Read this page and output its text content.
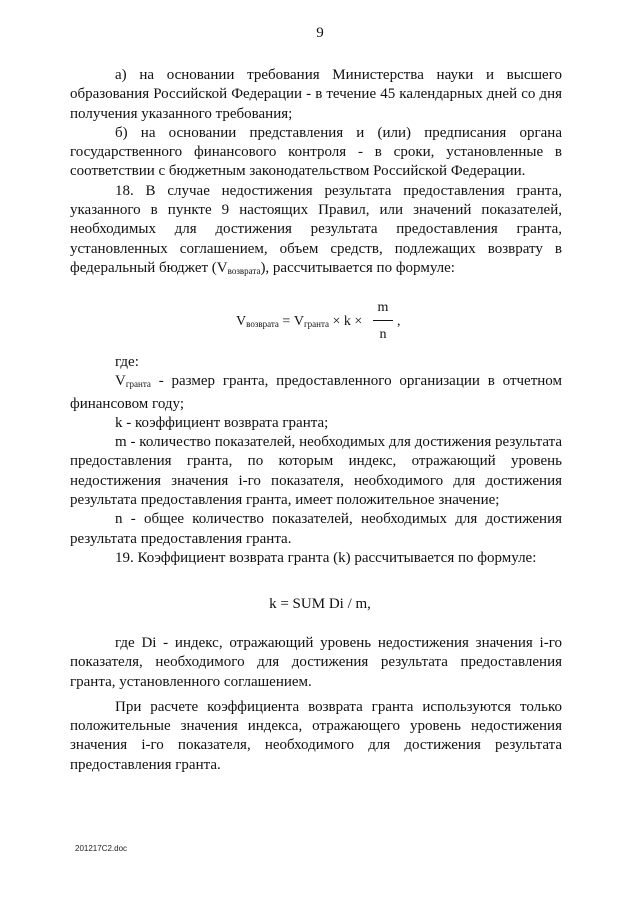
9

а) на основании требования Министерства науки и высшего образования Российской Федерации - в течение 45 календарных дней со дня получения указанного требования;

б) на основании представления и (или) предписания органа государственного финансового контроля - в сроки, установленные в соответствии с бюджетным законодательством Российской Федерации.

18. В случае недостижения результата предоставления гранта, указанного в пункте 9 настоящих Правил, или значений показателей, необходимых для достижения результата предоставления гранта, установленных соглашением, объем средств, подлежащих возврату в федеральный бюджет $(V_{возврата})$, рассчитывается по формуле:

$V_{возврата} = V_{гранта} \times k$ ×
m
n
,

где:

$V_{гранта}$ - размер гранта, предоставленного организации в отчетном финансовом году;

k - коэффициент возврата гранта;

m - количество показателей, необходимых для достижения результата предоставления гранта, по которым индекс, отражающий уровень недостижения значения i-го показателя, необходимого для достижения результата предоставления гранта, имеет положительное значение;

n - общее количество показателей, необходимых для достижения результата предоставления гранта.

19. Коэффициент возврата гранта (k) рассчитывается по формуле:

k = SUM Di / m,

где Di - индекс, отражающий уровень недостижения значения i-го показателя, необходимого для достижения результата предоставления гранта, установленного соглашением.

При расчете коэффициента возврата гранта используются только положительные значения индекса, отражающего уровень недостижения значения i-го показателя, необходимого для достижения результата предоставления гранта.

201217C2.doc
